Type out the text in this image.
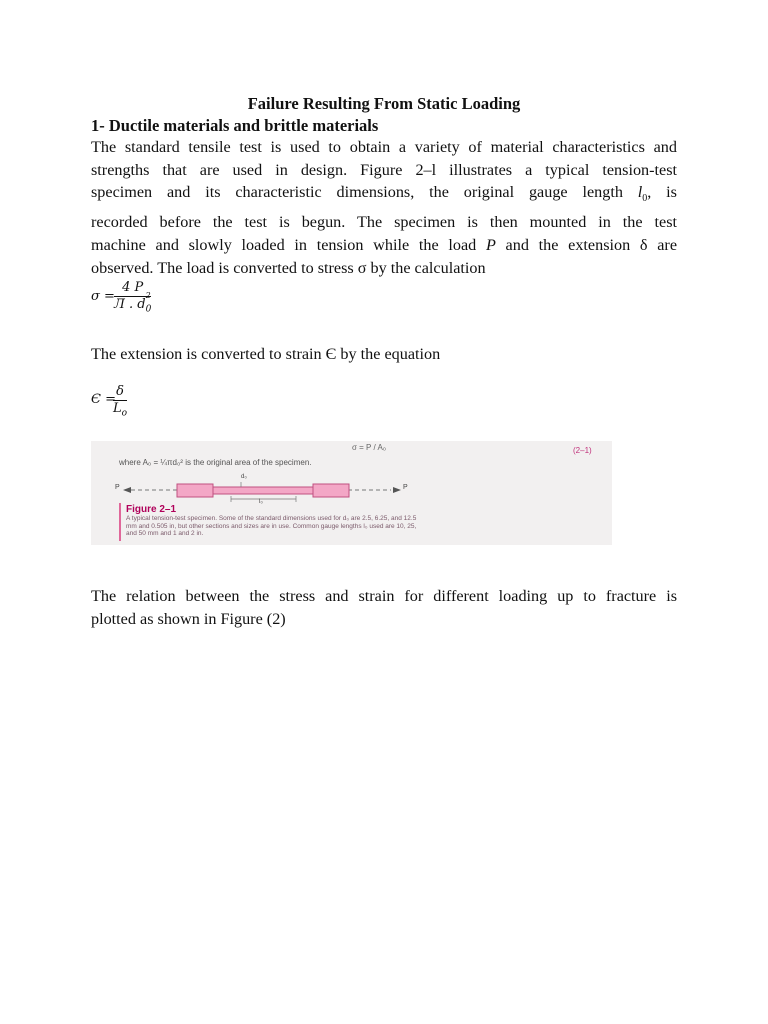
Failure Resulting From Static Loading
1- Ductile materials and brittle materials
The standard tensile test is used to obtain a variety of material characteristics and
strengths that are used in design. Figure 2–l illustrates a typical tension-test
specimen and its characteristic dimensions, the original gauge length $l_0$, is
recorded before the test is begun. The specimen is then mounted in the test
machine and slowly loaded in tension while the load P and the extension δ are
observed. The load is converted to stress σ by the calculation
σ =
4 P
Л . d
2
$_0$
The extension is converted to strain Є by the equation
Є =
$\frac{\delta}{L_o}$
σ = P / A₀	(2–1)
where A₀ = ¼πd₀² is the original area of the specimen.
P	P
d₀
l₀
Figure 2–1
A typical tension-test specimen. Some of the standard dimensions used for d₀ are 2.5, 6.25, and 12.5 mm and 0.505 in, but other sections and sizes are in use. Common gauge lengths l₀ used are 10, 25, and 50 mm and 1 and 2 in.
The relation between the stress and strain for different loading up to fracture is
plotted as shown in Figure (2)
